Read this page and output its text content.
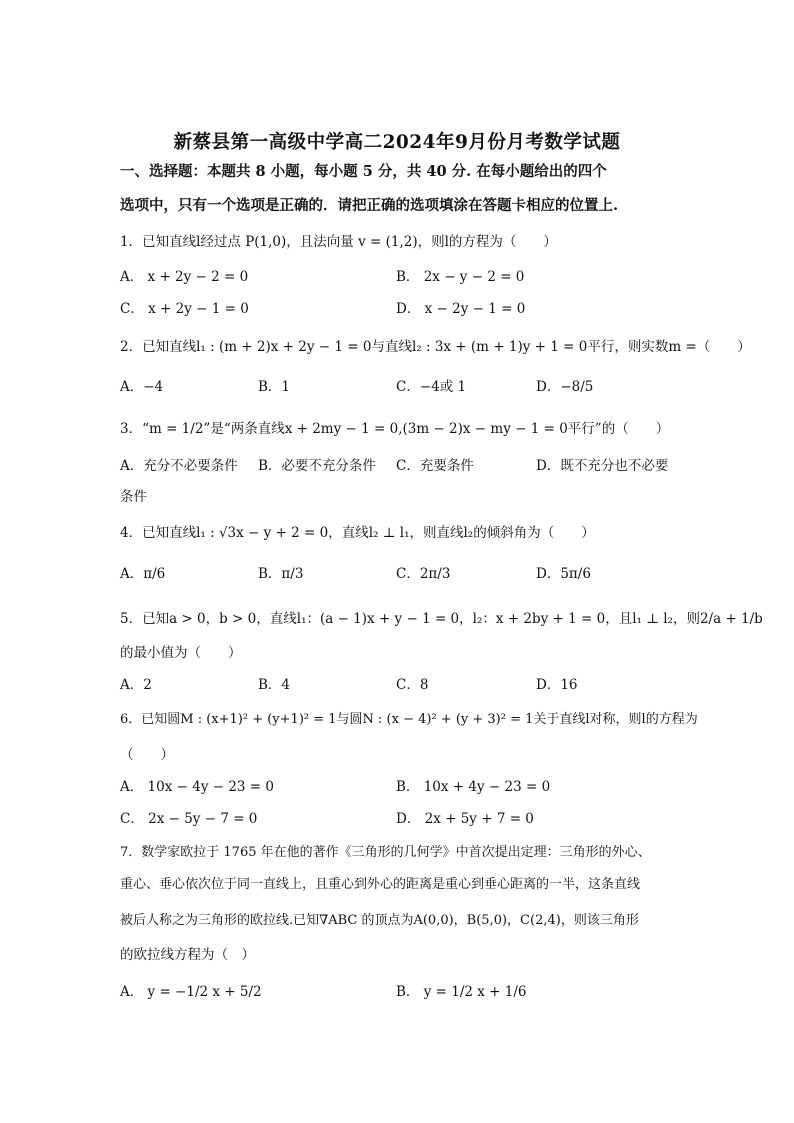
新蔡县第一高级中学高二2024年9月份月考数学试题
一、选择题：本题共 8 小题，每小题 5 分，共 40 分. 在每小题给出的四个
选项中，只有一个选项是正确的．请把正确的选项填涂在答题卡相应的位置上.
1．已知直线l经过点 P(1,0)，且法向量 v = (1,2)，则l的方程为（　　）
A． x + 2y − 2 = 0	B． 2x − y − 2 = 0
C． x + 2y − 1 = 0	D． x − 2y − 1 = 0
2．已知直线l₁ : (m + 2)x + 2y − 1 = 0与直线l₂ : 3x + (m + 1)y + 1 = 0平行，则实数m =（　　）
A．−4	B．1	C．−4或 1	D．−8/5
3．“m = 1/2”是“两条直线x + 2my − 1 = 0,(3m − 2)x − my − 1 = 0平行”的（　　）
A．充分不必要条件 B．必要不充分条件 C．充要条件	D．既不充分也不必要
条件
4．已知直线l₁ : √3x − y + 2 = 0，直线l₂ ⊥ l₁，则直线l₂的倾斜角为（　　）
A．π/6	B．π/3	C．2π/3	D．5π/6
5．已知a > 0，b > 0，直线l₁：(a − 1)x + y − 1 = 0，l₂：x + 2by + 1 = 0，且l₁ ⊥ l₂，则2/a + 1/b
的最小值为（　　）
A．2	B．4	C．8	D．16
6．已知圆M : (x+1)² + (y+1)² = 1与圆N : (x − 4)² + (y + 3)² = 1关于直线l对称，则l的方程为
（　　）
A． 10x − 4y − 23 = 0	B． 10x + 4y − 23 = 0
C． 2x − 5y − 7 = 0	D． 2x + 5y + 7 = 0
7．数学家欧拉于 1765 年在他的著作《三角形的几何学》中首次提出定理：三角形的外心、
重心、垂心依次位于同一直线上，且重心到外心的距离是重心到垂心距离的一半，这条直线
被后人称之为三角形的欧拉线.已知∇ABC 的顶点为A(0,0)，B(5,0)，C(2,4)，则该三角形
的欧拉线方程为（　）
A． y = −1/2 x + 5/2	B． y = 1/2 x + 1/6
